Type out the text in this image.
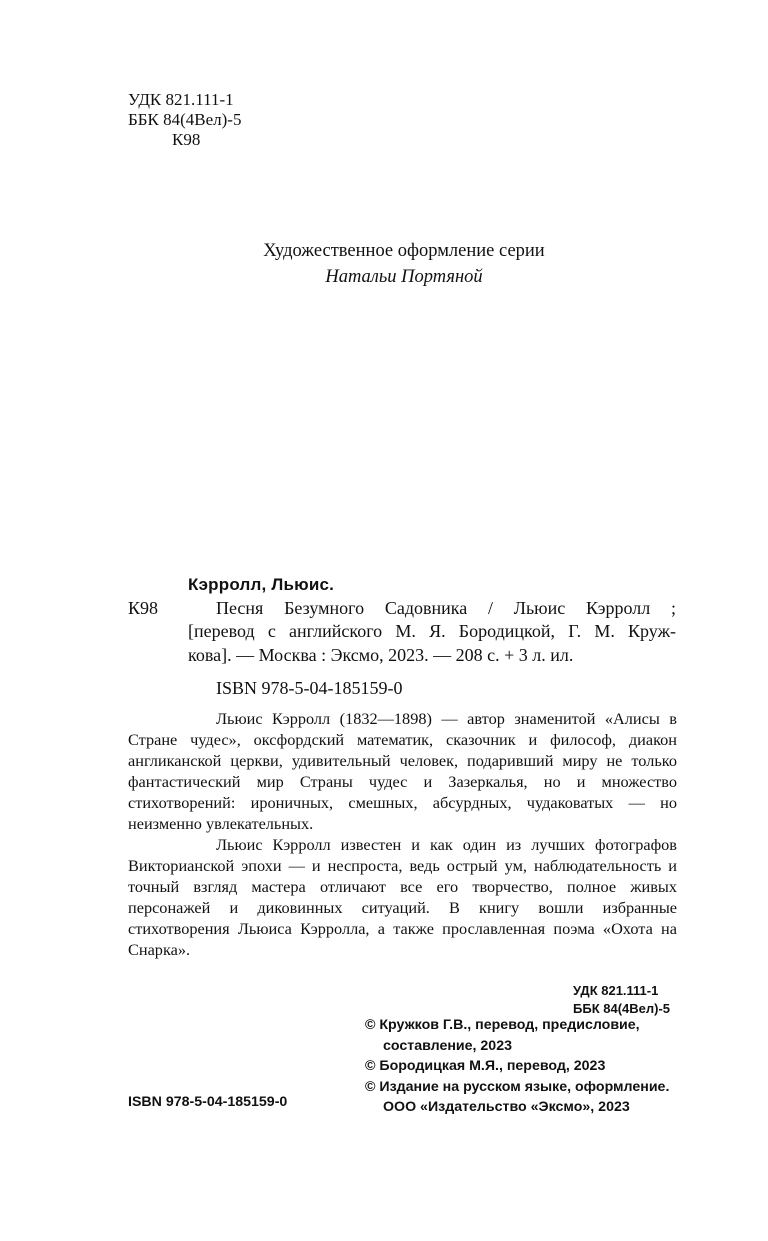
УДК 821.111-1
ББК 84(4Вел)-5
К98
Художественное оформление серии
Натальи Портяной
Кэрролл, Льюис.
К98	Песня Безумного Садовника / Льюис Кэрролл ;
[перевод с английского М. Я. Бородицкой, Г. М. Круж-
кова]. — Москва : Эксмо, 2023. — 208 с. + 3 л. ил.
ISBN 978-5-04-185159-0

Льюис Кэрролл (1832—1898) — автор знаменитой «Алисы в Стране чудес», оксфордский математик, сказочник и философ, диакон англиканской церкви, удивительный человек, подаривший миру не только фантастический мир Страны чудес и Зазеркалья, но и множество стихотворений: ироничных, смешных, абсурдных, чудаковатых — но неизменно увлекательных.

Льюис Кэрролл известен и как один из лучших фотографов Викторианской эпохи — и неспроста, ведь острый ум, наблюдательность и точный взгляд мастера отличают все его творчество, полное живых персонажей и диковинных ситуаций. В книгу вошли избранные стихотворения Льюиса Кэрролла, а также прославленная поэма «Охота на Снарка».

УДК 821.111-1
ББК 84(4Вел)-5
© Кружков Г.В., перевод, предисловие, составление, 2023
© Бородицкая М.Я., перевод, 2023
© Издание на русском языке, оформление. ООО «Издательство «Эксмо», 2023
ISBN 978-5-04-185159-0
